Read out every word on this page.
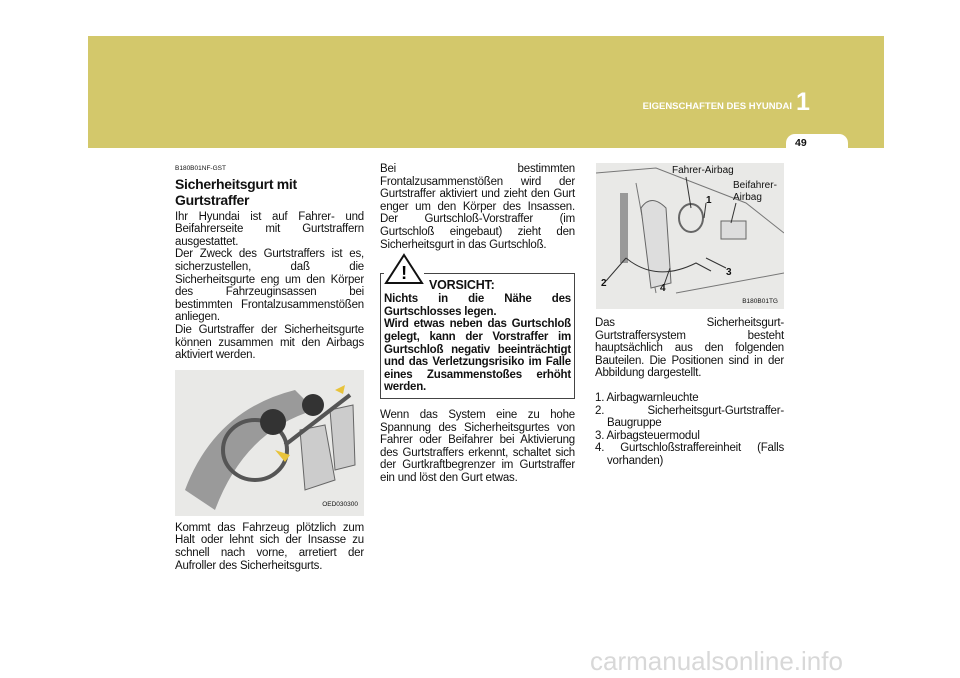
EIGENSCHAFTEN DES HYUNDAI 1
49

B180B01NF-GST

Sicherheitsgurt mit Gurtstraffer

Ihr Hyundai ist auf Fahrer- und Beifahrerseite mit Gurtstraffern ausgestattet.

Der Zweck des Gurtstraffers ist es, sicherzustellen, daß die Sicherheitsgurte eng um den Körper des Fahrzeuginsassen bei bestimmten Frontalzusammenstößen anliegen.

Die Gurtstraffer der Sicherheitsgurte können zusammen mit den Airbags aktiviert werden.

OED030300

Kommt das Fahrzeug plötzlich zum Halt oder lehnt sich der Insasse zu schnell nach vorne, arretiert der Aufroller des Sicherheitsgurts.

Bei bestimmten Frontalzusammenstößen wird der Gurtstraffer aktiviert und zieht den Gurt enger um den Körper des Insassen. Der Gurtschloß-Vorstraffer (im Gurtschloß eingebaut) zieht den Sicherheitsgurt in das Gurtschloß.

VORSICHT:

Nichts in die Nähe des Gurtschlosses legen.

Wird etwas neben das Gurtschloß gelegt, kann der Vorstraffer im Gurtschloß negativ beeinträchtigt und das Verletzungsrisiko im Falle eines Zusammenstoßes erhöht werden.

!

Wenn das System eine zu hohe Spannung des Sicherheitsgurtes von Fahrer oder Beifahrer bei Aktivierung des Gurtstraffers erkennt, schaltet sich der Gurtkraftbegrenzer im Gurtstraffer ein und löst den Gurt etwas.

Fahrer-Airbag
Beifahrer-
Airbag
1
2
3
4
B180B01TG

Das Sicherheitsgurt-Gurtstraffersystem besteht hauptsächlich aus den folgenden Bauteilen. Die Positionen sind in der Abbildung dargestellt.

1. Airbagwarnleuchte
2. Sicherheitsgurt-Gurtstraffer-Baugruppe
3. Airbagsteuermodul
4. Gurtschloßstraffereinheit (Falls vorhanden)
carmanualsonline.info
